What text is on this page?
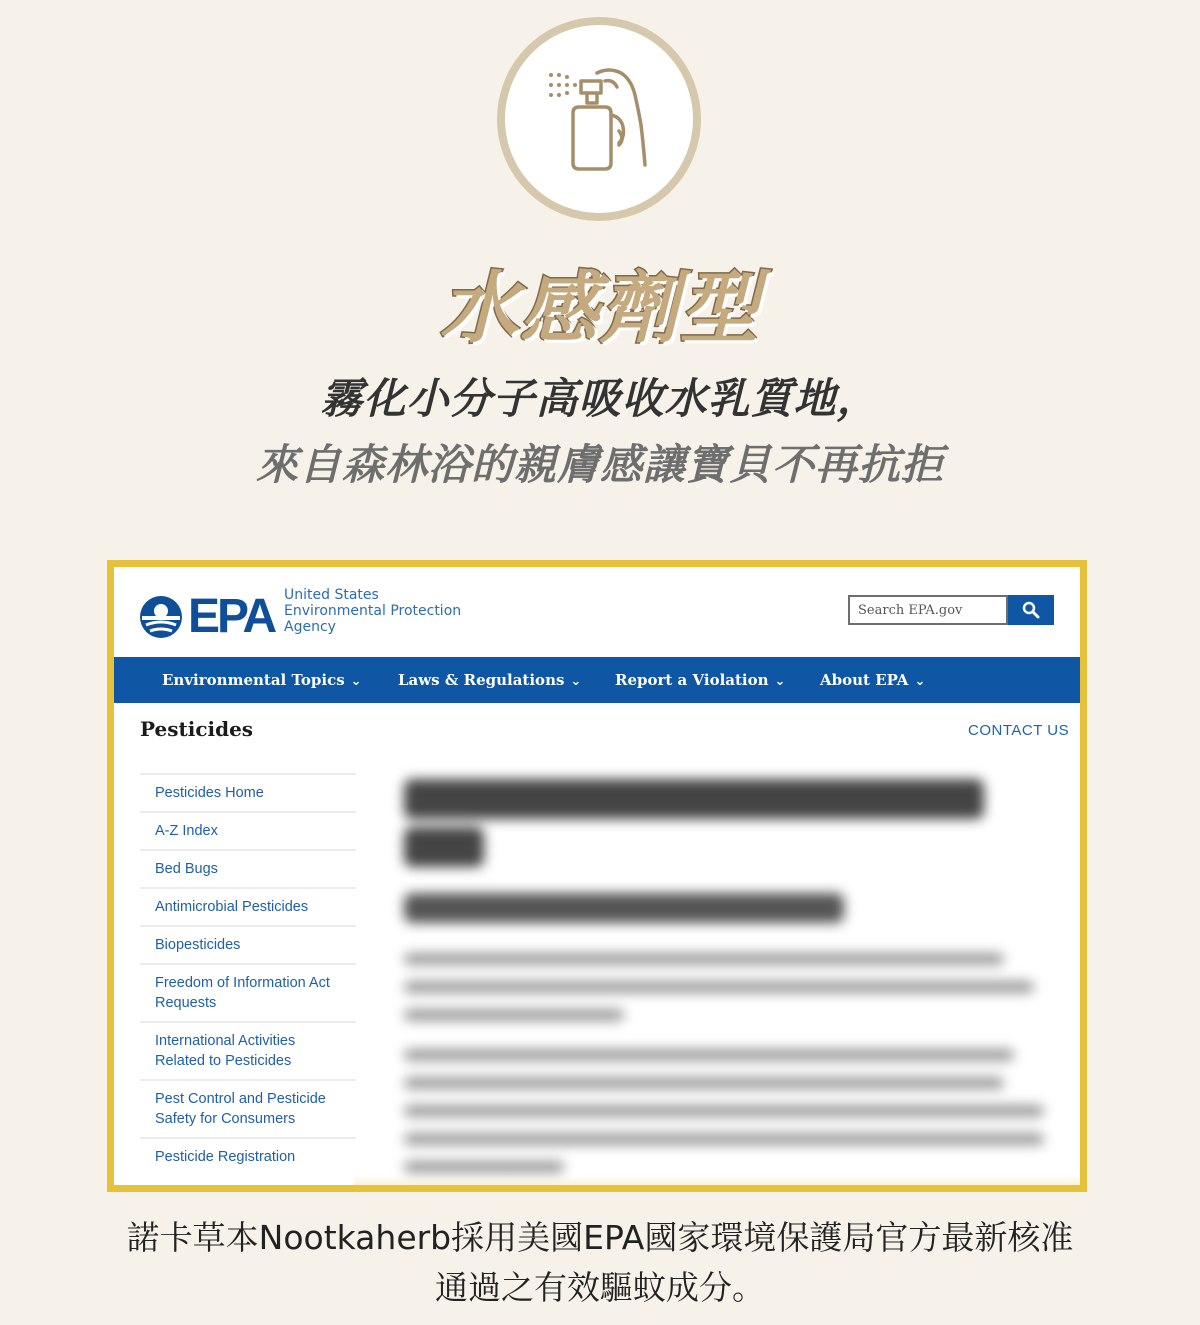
水感劑型
霧化小分子高吸收水乳質地，
來自森林浴的親膚感讓寶貝不再抗拒
EPA United States
Environmental Protection
Agency
Search EPA.gov
Environmental Topics ⌄ Laws & Regulations ⌄ Report a Violation ⌄ About EPA ⌄
Pesticides	CONTACT US
Pesticides Home
A-Z Index
Bed Bugs
Antimicrobial Pesticides
Biopesticides
Freedom of Information Act
Requests
International Activities
Related to Pesticides
Pest Control and Pesticide
Safety for Consumers
Pesticide Registration
諾卡草本Nootkaherb採用美國EPA國家環境保護局官方最新核准
通過之有效驅蚊成分。
